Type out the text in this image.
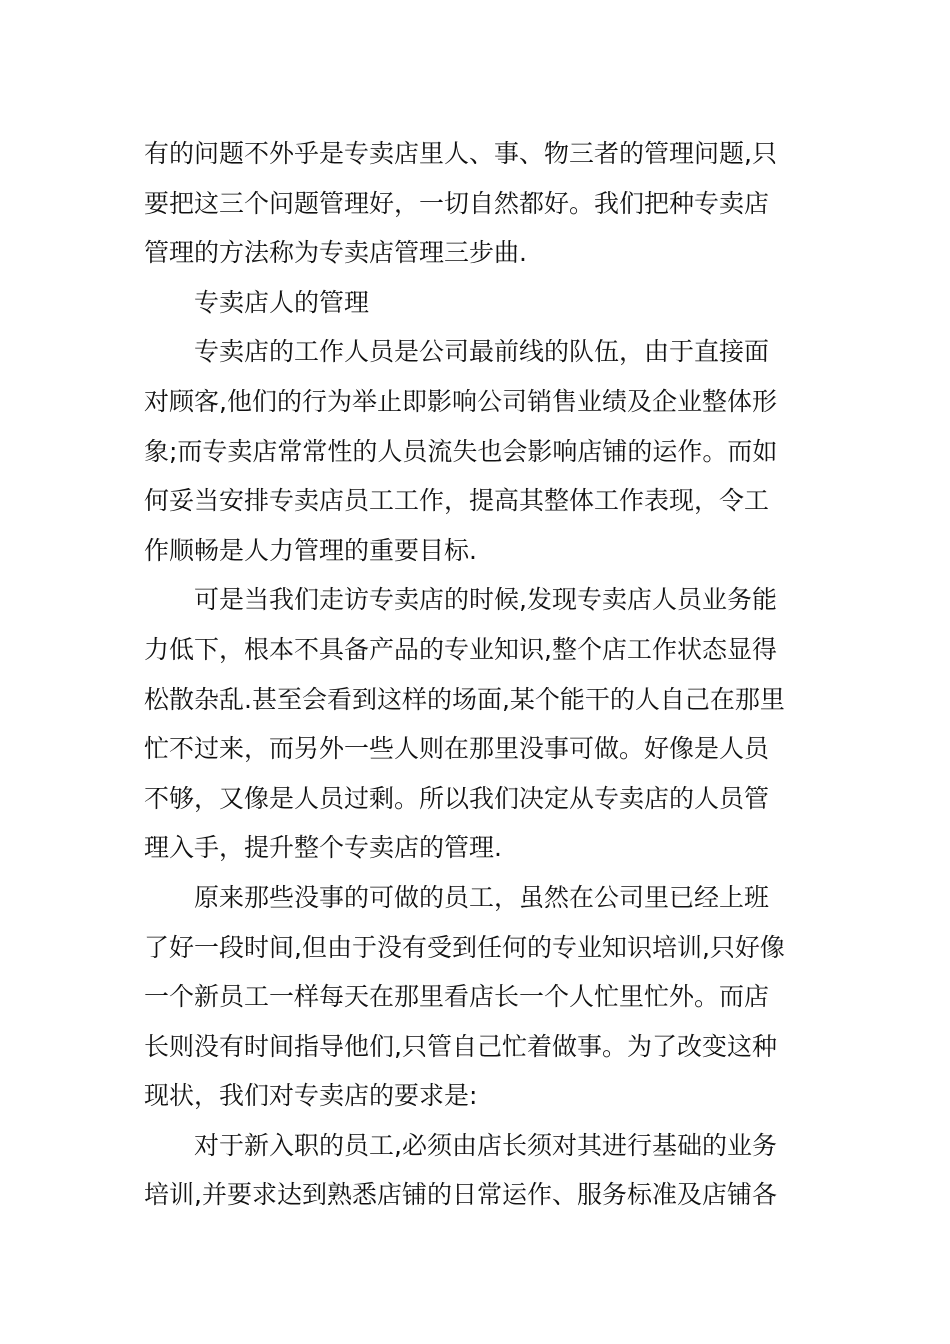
有的问题不外乎是专卖店里人、事、物三者的管理问题,只
要把这三个问题管理好，一切自然都好。我们把种专卖店
管理的方法称为专卖店管理三步曲.
专卖店人的管理
专卖店的工作人员是公司最前线的队伍，由于直接面
对顾客,他们的行为举止即影响公司销售业绩及企业整体形
象;而专卖店常常性的人员流失也会影响店铺的运作。而如
何妥当安排专卖店员工工作，提高其整体工作表现，令工
作顺畅是人力管理的重要目标.
可是当我们走访专卖店的时候,发现专卖店人员业务能
力低下，根本不具备产品的专业知识,整个店工作状态显得
松散杂乱.甚至会看到这样的场面,某个能干的人自己在那里
忙不过来，而另外一些人则在那里没事可做。好像是人员
不够，又像是人员过剩。所以我们决定从专卖店的人员管
理入手，提升整个专卖店的管理.
原来那些没事的可做的员工，虽然在公司里已经上班
了好一段时间,但由于没有受到任何的专业知识培训,只好像
一个新员工一样每天在那里看店长一个人忙里忙外。而店
长则没有时间指导他们,只管自己忙着做事。为了改变这种
现状，我们对专卖店的要求是:
对于新入职的员工,必须由店长须对其进行基础的业务
培训,并要求达到熟悉店铺的日常运作、服务标准及店铺各
